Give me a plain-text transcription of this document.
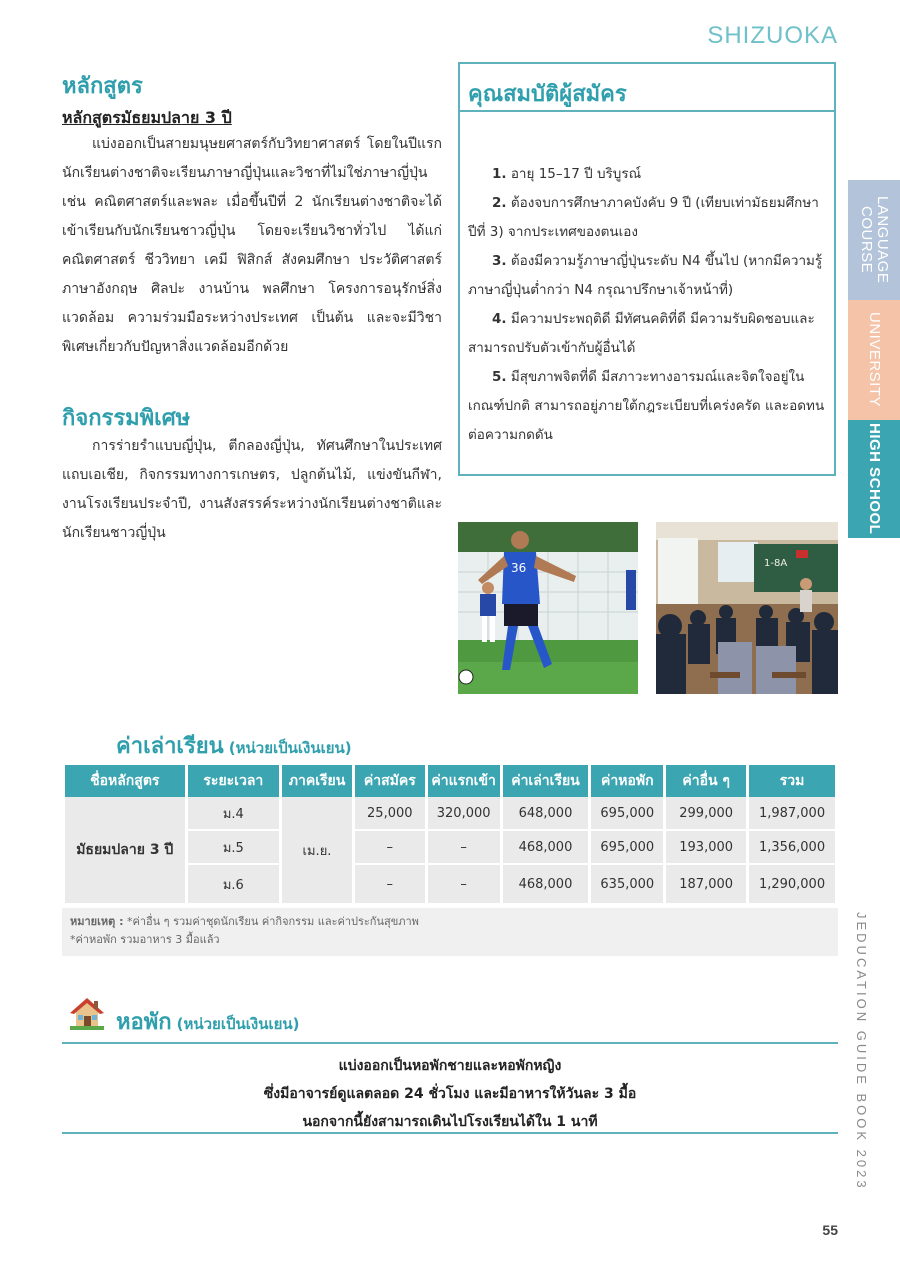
SHIZUOKA
หลักสูตร
หลักสูตรมัธยมปลาย 3 ปี

แบ่งออกเป็นสายมนุษยศาสตร์กับวิทยาศาสตร์ โดยในปีแรกนักเรียนต่างชาติจะเรียนภาษาญี่ปุ่นและวิชาที่ไม่ใช่ภาษาญี่ปุ่น เช่น คณิตศาสตร์และพละ เมื่อขึ้นปีที่ 2 นักเรียนต่างชาติจะได้เข้าเรียนกับนักเรียนชาวญี่ปุ่น โดยจะเรียนวิชาทั่วไป ได้แก่ คณิตศาสตร์ ชีววิทยา เคมี ฟิสิกส์ สังคมศึกษา ประวัติศาสตร์ ภาษาอังกฤษ ศิลปะ งานบ้าน พลศึกษา โครงการอนุรักษ์สิ่งแวดล้อม ความร่วมมือระหว่างประเทศ เป็นต้น และจะมีวิชาพิเศษเกี่ยวกับปัญหาสิ่งแวดล้อมอีกด้วย

กิจกรรมพิเศษ

การร่ายรำแบบญี่ปุ่น, ตีกลองญี่ปุ่น, ทัศนศึกษาในประเทศแถบเอเชีย, กิจกรรมทางการเกษตร, ปลูกต้นไม้, แข่งขันกีฬา, งานโรงเรียนประจำปี, งานสังสรรค์ระหว่างนักเรียนต่างชาติและนักเรียนชาวญี่ปุ่น

คุณสมบัติผู้สมัคร
1. อายุ 15–17 ปี บริบูรณ์
2. ต้องจบการศึกษาภาคบังคับ 9 ปี (เทียบเท่ามัธยมศึกษาปีที่ 3) จากประเทศของตนเอง
3. ต้องมีความรู้ภาษาญี่ปุ่นระดับ N4 ขึ้นไป (หากมีความรู้ภาษาญี่ปุ่นต่ำกว่า N4 กรุณาปรึกษาเจ้าหน้าที่)
4. มีความประพฤติดี มีทัศนคติที่ดี มีความรับผิดชอบและสามารถปรับตัวเข้ากับผู้อื่นได้
5. มีสุขภาพจิตที่ดี มีสภาวะทางอารมณ์และจิตใจอยู่ในเกณฑ์ปกติ สามารถอยู่ภายใต้กฎระเบียบที่เคร่งครัด และอดทนต่อความกดดัน
LANGUAGE COURSE
UNIVERSITY
HIGH SCHOOL
36	1-8A
ค่าเล่าเรียน (หน่วยเป็นเงินเยน)
ชื่อหลักสูตร	ระยะเวลา	ภาคเรียน	ค่าสมัคร	ค่าแรกเข้า	ค่าเล่าเรียน	ค่าหอพัก	ค่าอื่น ๆ	รวม
มัธยมปลาย 3 ปี	ม.4	เม.ย.	25,000	320,000	648,000	695,000	299,000	1,987,000
	ม.5		–	–	468,000	695,000	193,000	1,356,000
	ม.6		–	–	468,000	635,000	187,000	1,290,000
หมายเหตุ : *ค่าอื่น ๆ รวมค่าชุดนักเรียน ค่ากิจกรรม และค่าประกันสุขภาพ
*ค่าหอพัก รวมอาหาร 3 มื้อแล้ว
หอพัก (หน่วยเป็นเงินเยน)
แบ่งออกเป็นหอพักชายและหอพักหญิง
ซึ่งมีอาจารย์ดูแลตลอด 24 ชั่วโมง และมีอาหารให้วันละ 3 มื้อ
นอกจากนี้ยังสามารถเดินไปโรงเรียนได้ใน 1 นาที	JEDUCATION GUIDE BOOK 2023
55
